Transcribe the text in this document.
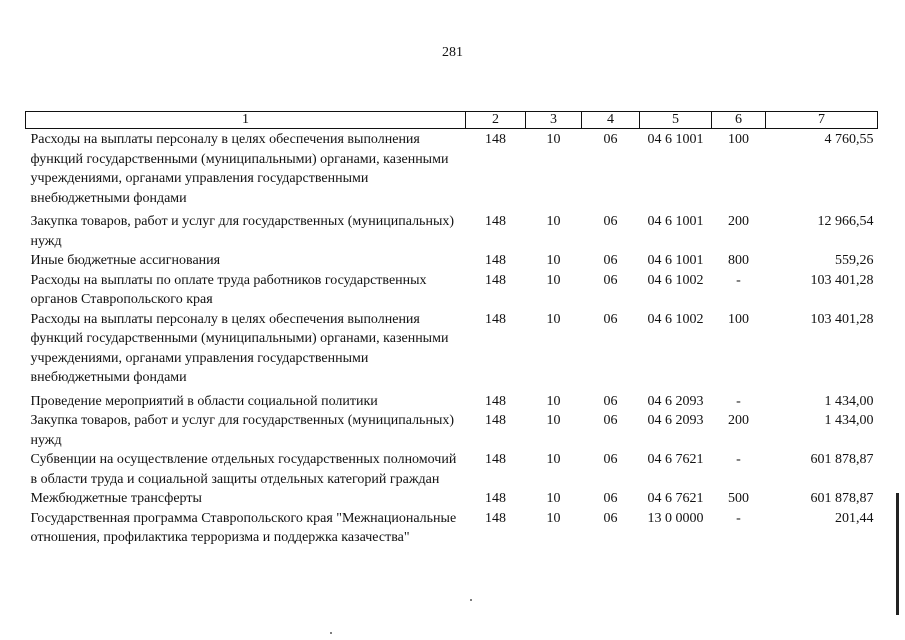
281
1	2	3	4	5	6	7
Расходы на выплаты персоналу в целях обеспечения выполнения функций государственными (муниципальными) органами, казенными учреждениями, органами управления государственными внебюджетными фондами	148	10	06	04 6 1001	100	4 760,55
Закупка товаров, работ и услуг для государственных (муниципальных) нужд	148	10	06	04 6 1001	200	12 966,54
Иные бюджетные ассигнования	148	10	06	04 6 1001	800	559,26
Расходы на выплаты по оплате труда работников государственных органов Ставропольского края	148	10	06	04 6 1002	-	103 401,28
Расходы на выплаты персоналу в целях обеспечения выполнения функций государственными (муниципальными) органами, казенными учреждениями, органами управления государственными внебюджетными фондами	148	10	06	04 6 1002	100	103 401,28
Проведение мероприятий в области социальной политики	148	10	06	04 6 2093	-	1 434,00
Закупка товаров, работ и услуг для государственных (муниципальных) нужд	148	10	06	04 6 2093	200	1 434,00
Субвенции на осуществление отдельных государственных полномочий в области труда и социальной защиты отдельных категорий граждан	148	10	06	04 6 7621	-	601 878,87
Межбюджетные трансферты	148	10	06	04 6 7621	500	601 878,87
Государственная программа Ставропольского края "Межнациональные отношения, профилактика терроризма и поддержка казачества"	148	10	06	13 0 0000	-	201,44
